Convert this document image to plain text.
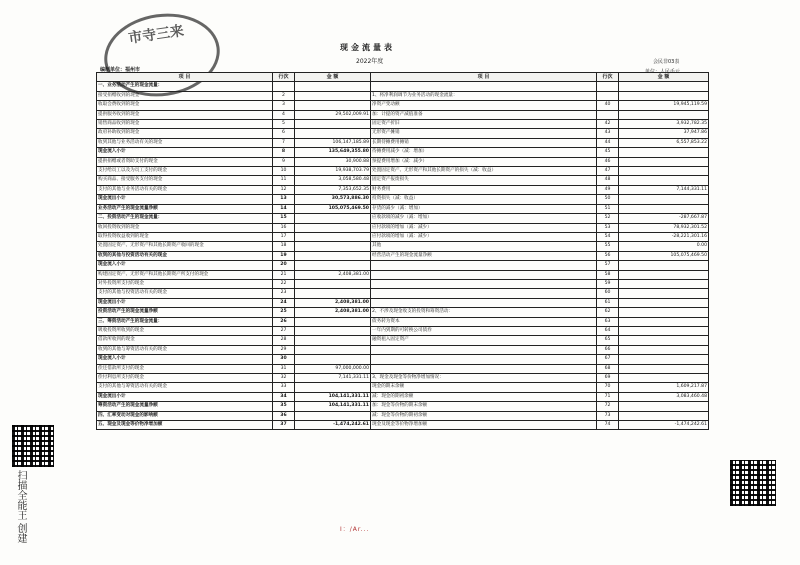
市寺三来
现金流量表
2022年度	会民非03表
编制单位：福州市
项 目	行次	金 额	项 目	行次	金 额
一、业务活动产生的现金流量：					
接受捐赠收到的现金	2		1、将净利润调节为业务活动的现金流量：		
收取会费收到的现金	3		净资产变动额	40	19,945,119.59
提供服务收到的现金	4	29,502,009.91	加：计提的资产减值准备		
销售商品收到的现金	5		固定资产折旧	42	3,932,782.35
政府补助收到的现金	6		无形资产摊销	43	37,947.86
收到其他与业务活动有关的现金	7	106,147,185.89	长期待摊费用摊销	44	6,557,853.22
现金流入小计	8	135,649,355.80	待摊费用减少（减：增加）	45	
提供捐赠或者资助支付的现金	9	30,900.88	预提费用增加（减：减少）	46	
支付给员工以及为员工支付的现金	10	19,938,703.79	处置固定资产、无形资产和其他长期资产的损失（减：收益）	47	
购买商品、接受服务支付的现金	11	3,058,580.48	固定资产报废损失	48	
支付的其他与业务活动有关的现金	12	7,353,652.35	财务费用	49	7,144,331.11
现金流出小计	13	30,573,886.30	投资损失（减：收益）	50	
业务活动产生的现金流量净额	14	105,075,469.50	存货的减少（减：增加）	51	
二、投资活动产生的现金流量：	15		应收款项的减少（减：增加）	52	-287,667.87
收回投资收到的现金	16		应付款项的增加（减：减少）	53	78,932,301.52
取得投资收益收到的现金	17		应付款项的增加（减：减少）	54	-28,221,301.16
处置固定资产、无形资产和其他长期资产收回的现金	18		其他	55	0.00
收到的其他与投资活动有关的现金	19		经营活动产生的现金流量净额	56	105,075,469.50
现金流入小计	20			57	
购建固定资产、无形资产和其他长期资产所支付的现金	21	2,408,381.00		58	
对外投资所支付的现金	22			59	
支付的其他与投资活动有关的现金	23			60	
现金流出小计	24	2,408,381.00		61	
投资活动产生的现金流量净额	25	2,408,381.00	2、不涉及现金收支的投资和筹资活动：	62	
三、筹资活动产生的现金流量：	26		债务转为资本	63	
吸收投资所收到的现金	27		一年内到期的可转换公司债券	64	
借款所收到的现金	28		融资租入固定资产	65	
收到的其他与筹资活动有关的现金	29			66	
现金流入小计	30			67	
偿还借款所支付的现金	31	97,000,000.00		68	
偿付利息所支付的现金	32	7,141,331.11	3、现金及现金等价物净增加情况：	69	
支付的其他与筹资活动有关的现金	33		现金的期末余额	70	1,609,217.87
现金流出小计	34	104,141,331.11	减：现金的期初余额	71	3,083,460.48
筹资活动产生的现金流量净额	35	104,141,331.11	加：现金等价物的期末余额	72	
四、汇率变动对现金的影响额	36		减：现金等价物的期初余额	73	
五、现金及现金等价物净增加额	37	-1,474,242.61	现金及现金等价物净增加额	74	-1,474,242.61
扫描全能王 创建	I：/Ar...
